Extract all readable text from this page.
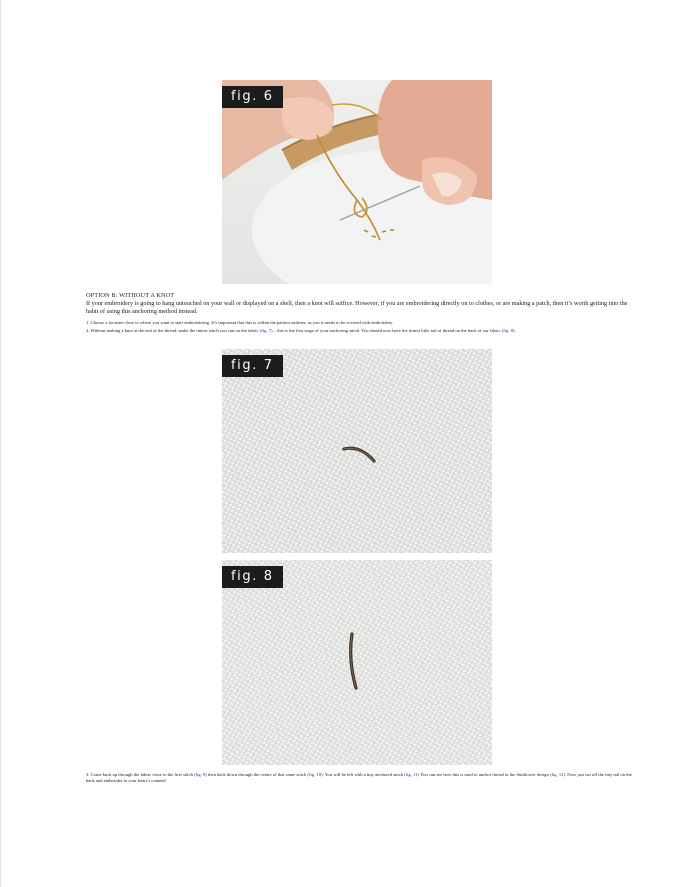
fig. 6
OPTION B: WITHOUT A KNOT
If your embroidery is going to hang untouched on your wall or displayed on a shelf, then a knot will suffice. However, if you are embroidering directly on to clothes, or are making a patch, then it’s worth getting into the habit of using this anchoring method instead.
1. Choose a location close to where you want to start embroidering. It’s important that this is within the pattern outlines, as you it needs to be covered with embroidery.
2. Without making a knot at the end of the thread, make the tiniest stitch you can on the fabric (fig. 7) – this is the first stage of your anchoring stitch. You should now have the tiniest little tail of thread on the back of our fabric (fig. 8).
fig. 7
fig. 8
3. Come back up through the fabric close to the first stitch (fig. 9) then back down through the centre of that same stitch (fig. 10). You will be left with a tiny anchored stitch (fig. 11).You can see how this is used to anchor thread in the Sunflower design (fig. 12). Now just cut off the tiny tail on the back and embroider to your heart’s content!
